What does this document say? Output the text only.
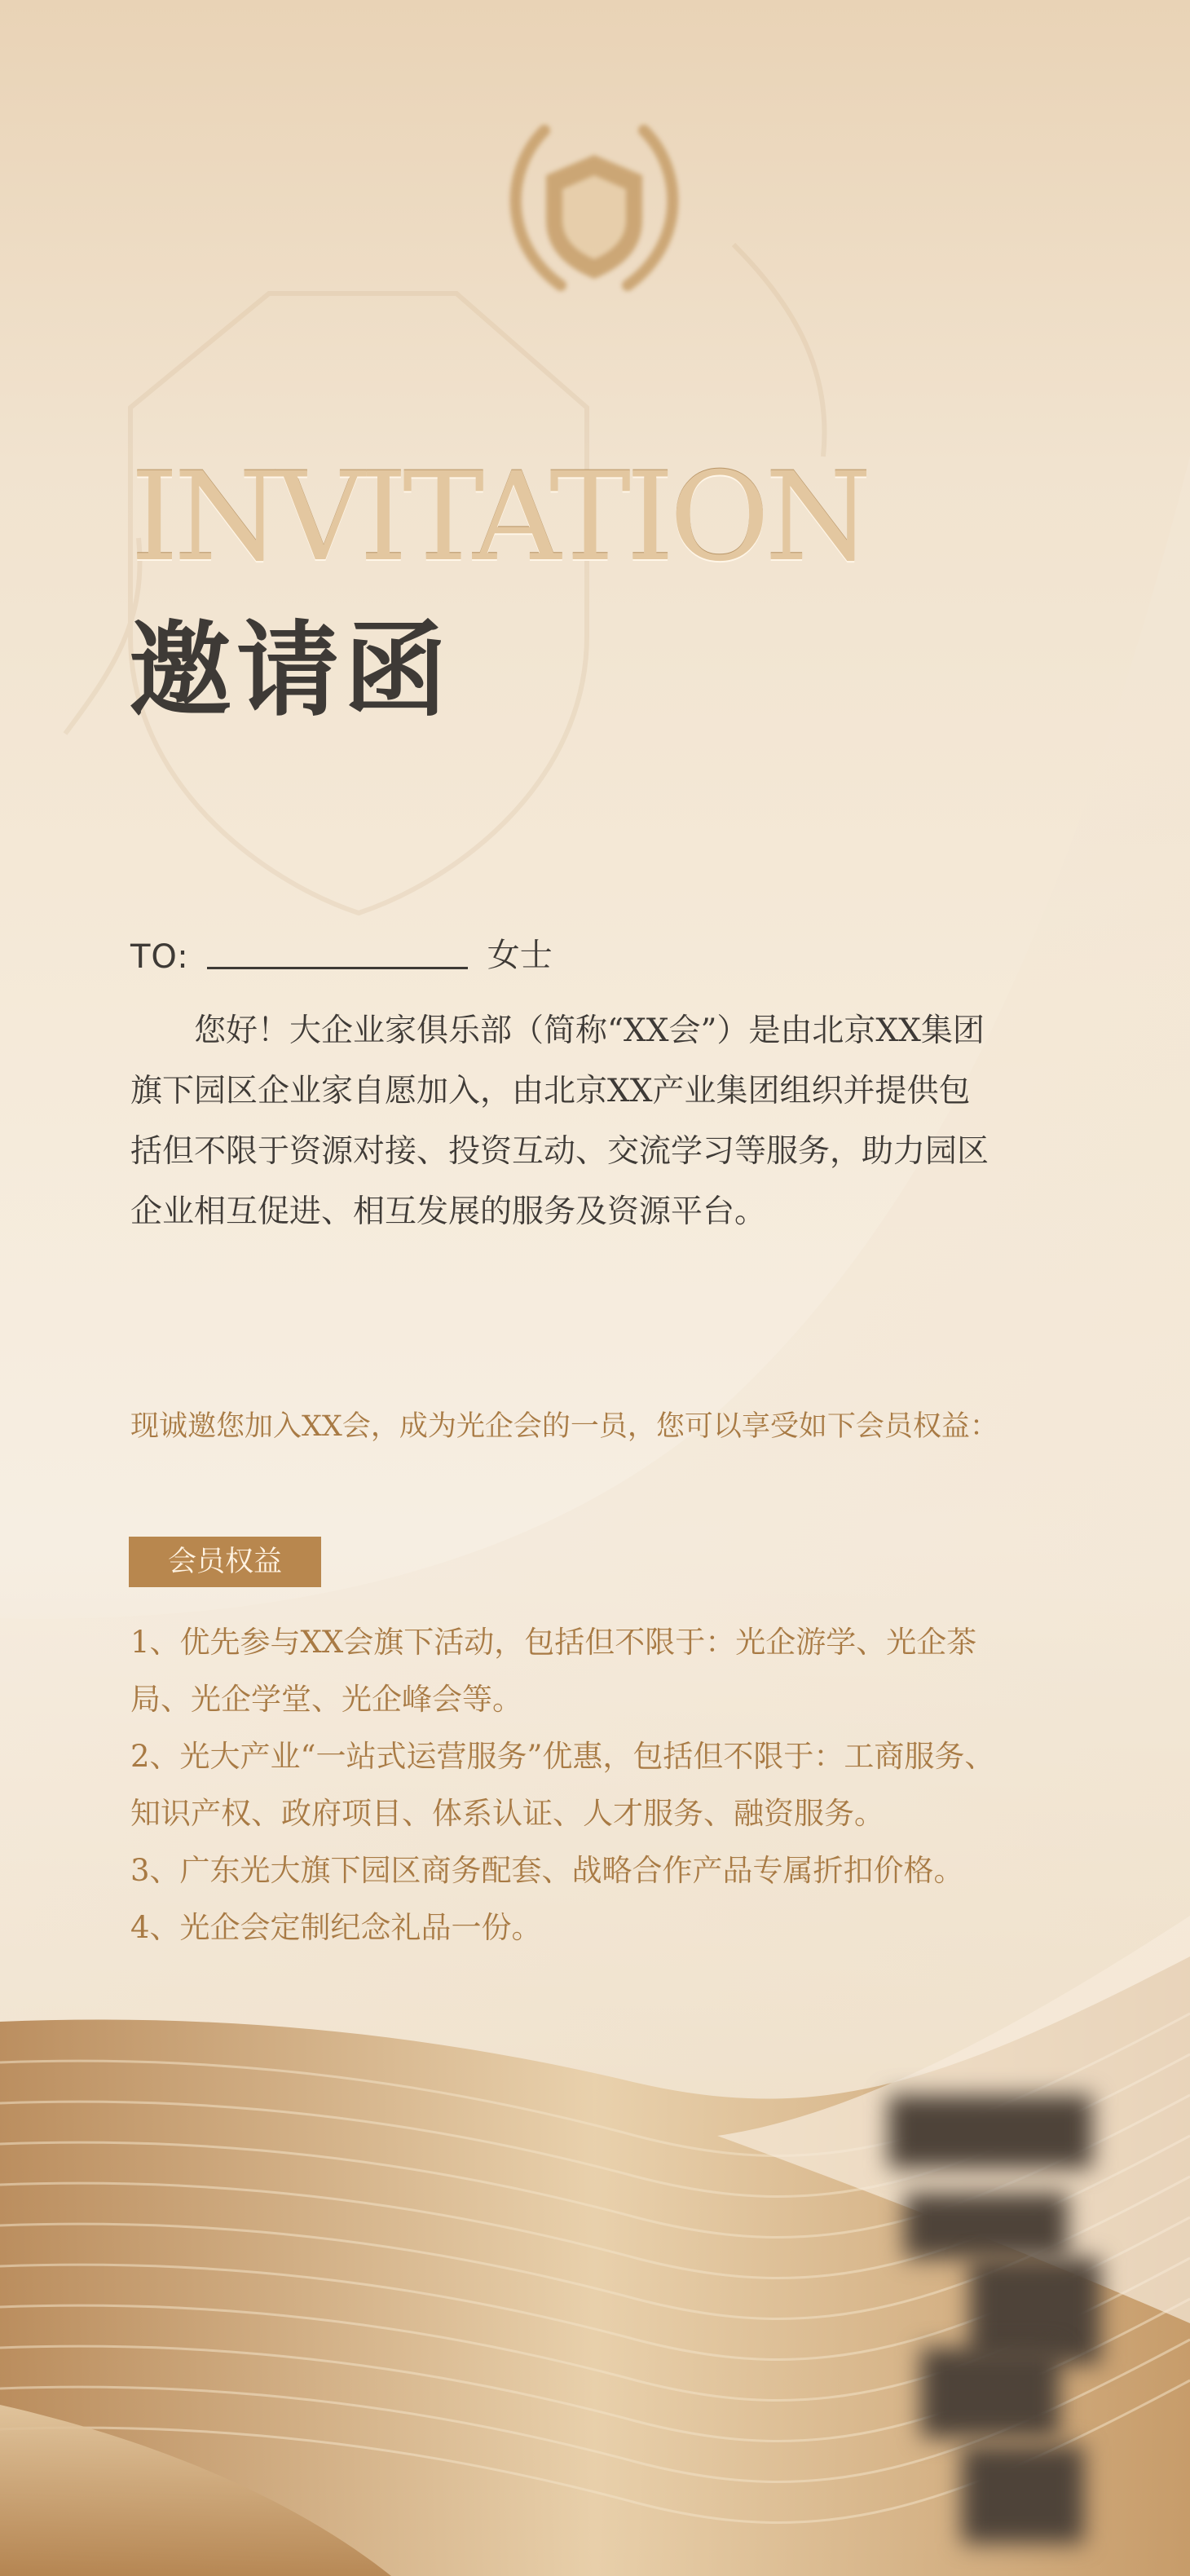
INVITATION
邀请函
TO:	女士

您好！大企业家俱乐部（简称“XX会”）是由北京XX集团旗下园区企业家自愿加入，由北京XX产业集团组织并提供包括但不限于资源对接、投资互动、交流学习等服务，助力园区企业相互促进、相互发展的服务及资源平台。

现诚邀您加入XX会，成为光企会的一员，您可以享受如下会员权益：

会员权益
1、优先参与XX会旗下活动，包括但不限于：光企游学、光企茶局、光企学堂、光企峰会等。
2、光大产业“一站式运营服务”优惠，包括但不限于：工商服务、知识产权、政府项目、体系认证、人才服务、融资服务。
3、广东光大旗下园区商务配套、战略合作产品专属折扣价格。
4、光企会定制纪念礼品一份。
